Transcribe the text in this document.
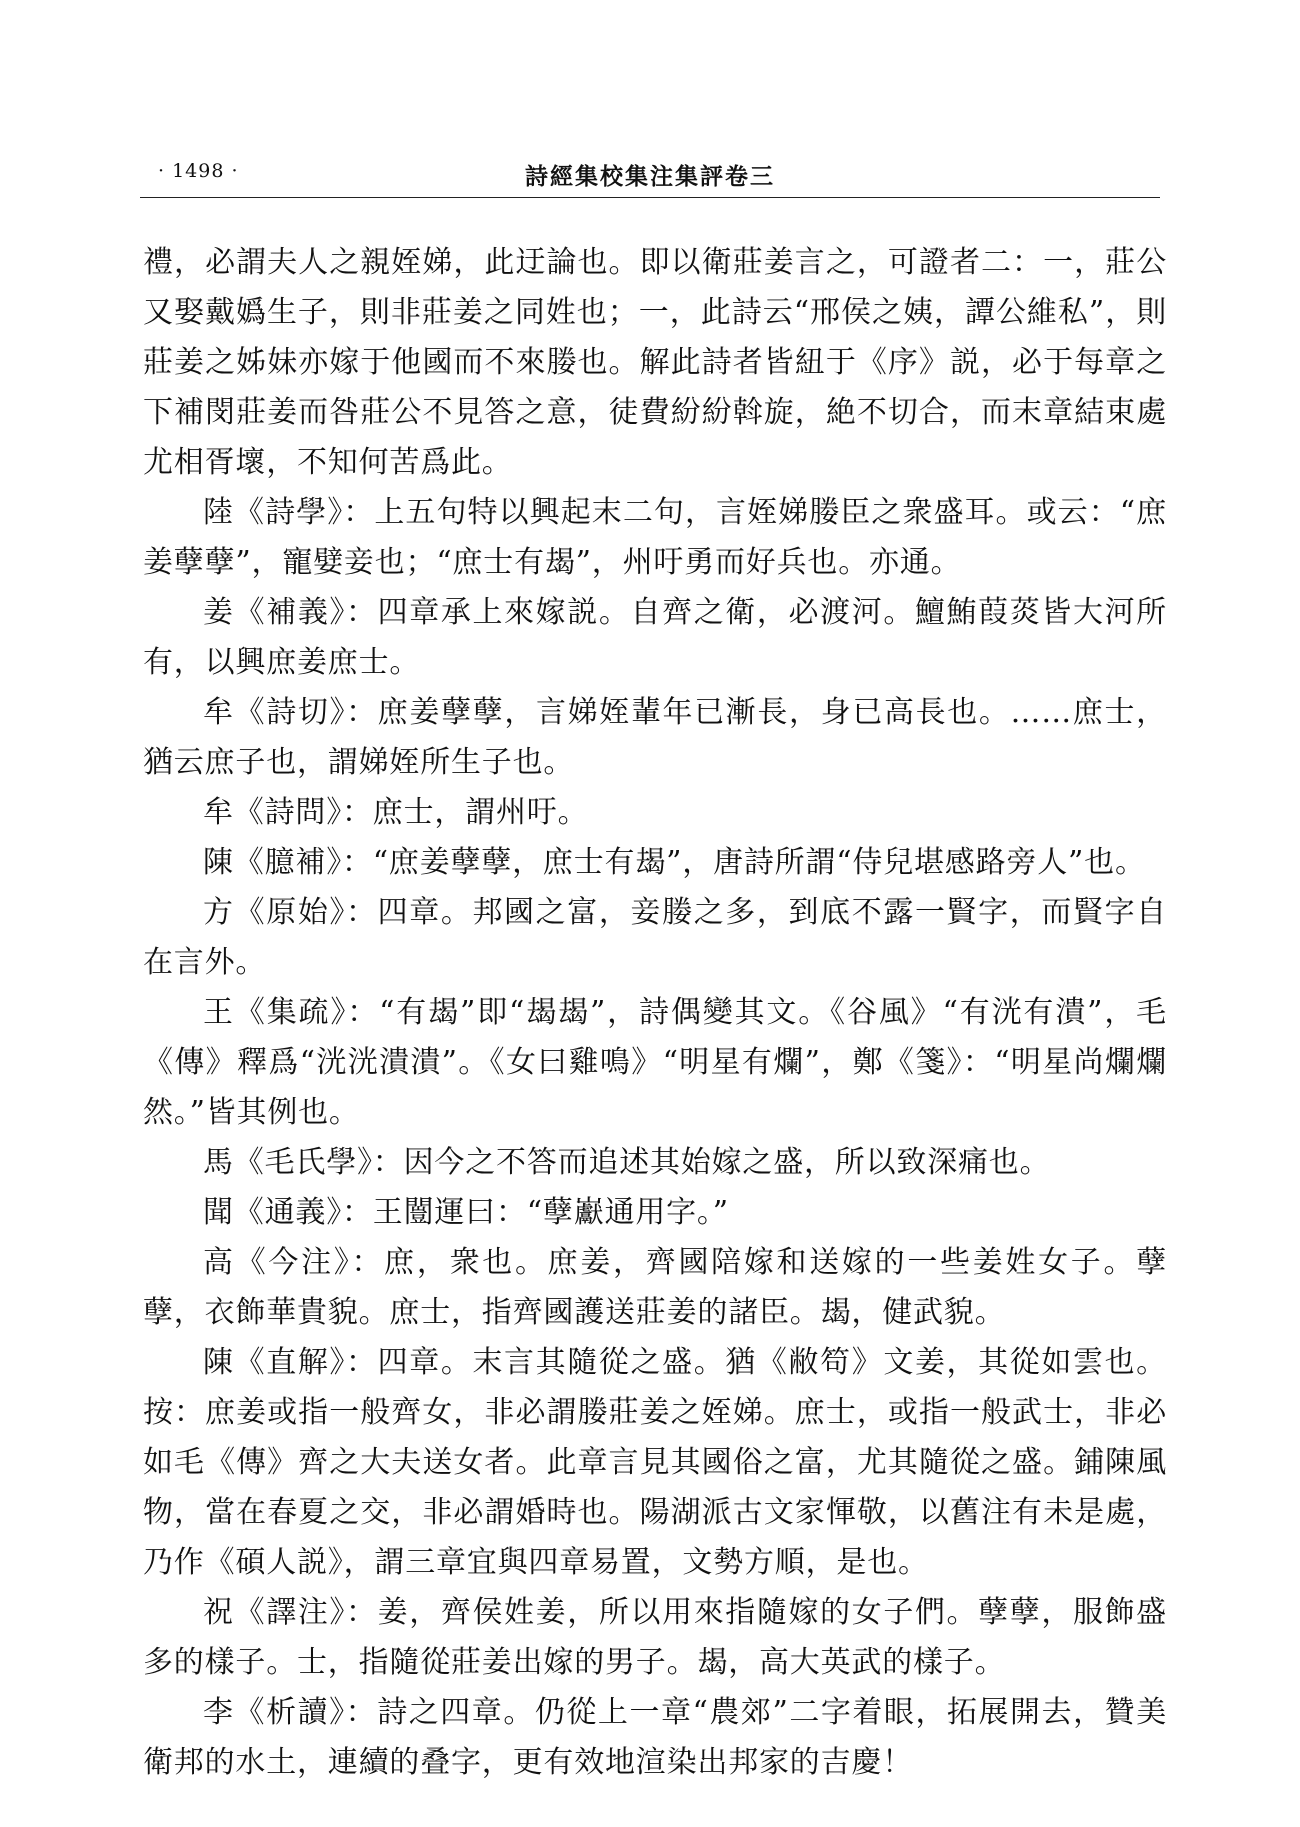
· 1498 ·	詩經集校集注集評卷三

禮，必謂夫人之親姪娣，此迂論也。即以衛莊姜言之，可證者二：一，莊公又娶戴嬀生子，則非莊姜之同姓也；一，此詩云“邢侯之姨，譚公維私”，則莊姜之姊妹亦嫁于他國而不來媵也。解此詩者皆紐于《序》説，必于每章之下補閔莊姜而咎莊公不見答之意，徒費紛紛斡旋，絶不切合，而末章結束處尤相胥壞，不知何苦爲此。

陸《詩學》：上五句特以興起末二句，言姪娣媵臣之衆盛耳。或云：“庶姜孽孽”，寵嬖妾也；“庶士有朅”，州吁勇而好兵也。亦通。

姜《補義》：四章承上來嫁説。自齊之衛，必渡河。鱣鮪葭菼皆大河所有，以興庶姜庶士。

牟《詩切》：庶姜孽孽，言娣姪輩年已漸長，身已高長也。……庶士，猶云庶子也，謂娣姪所生子也。

牟《詩問》：庶士，謂州吁。

陳《臆補》：“庶姜孽孽，庶士有朅”，唐詩所謂“侍兒堪感路旁人”也。

方《原始》：四章。邦國之富，妾媵之多，到底不露一賢字，而賢字自在言外。

王《集疏》：“有朅”即“朅朅”，詩偶變其文。《谷風》“有洸有潰”，毛《傳》釋爲“洸洸潰潰”。《女曰雞鳴》“明星有爛”，鄭《箋》：“明星尚爛爛然。”皆其例也。

馬《毛氏學》：因今之不答而追述其始嫁之盛，所以致深痛也。

聞《通義》：王闓運曰：“孽巚通用字。”

高《今注》：庶，衆也。庶姜，齊國陪嫁和送嫁的一些姜姓女子。孽孽，衣飾華貴貌。庶士，指齊國護送莊姜的諸臣。朅，健武貌。

陳《直解》：四章。末言其隨從之盛。猶《敝笱》文姜，其從如雲也。按：庶姜或指一般齊女，非必謂媵莊姜之姪娣。庶士，或指一般武士，非必如毛《傳》齊之大夫送女者。此章言見其國俗之富，尤其隨從之盛。鋪陳風物，當在春夏之交，非必謂婚時也。陽湖派古文家惲敬，以舊注有未是處，乃作《碩人説》，謂三章宜與四章易置，文勢方順，是也。

祝《譯注》：姜，齊侯姓姜，所以用來指隨嫁的女子們。孽孽，服飾盛多的樣子。士，指隨從莊姜出嫁的男子。朅，高大英武的樣子。

李《析讀》：詩之四章。仍從上一章“農郊”二字着眼，拓展開去，贊美衛邦的水土，連續的叠字，更有效地渲染出邦家的吉慶！
